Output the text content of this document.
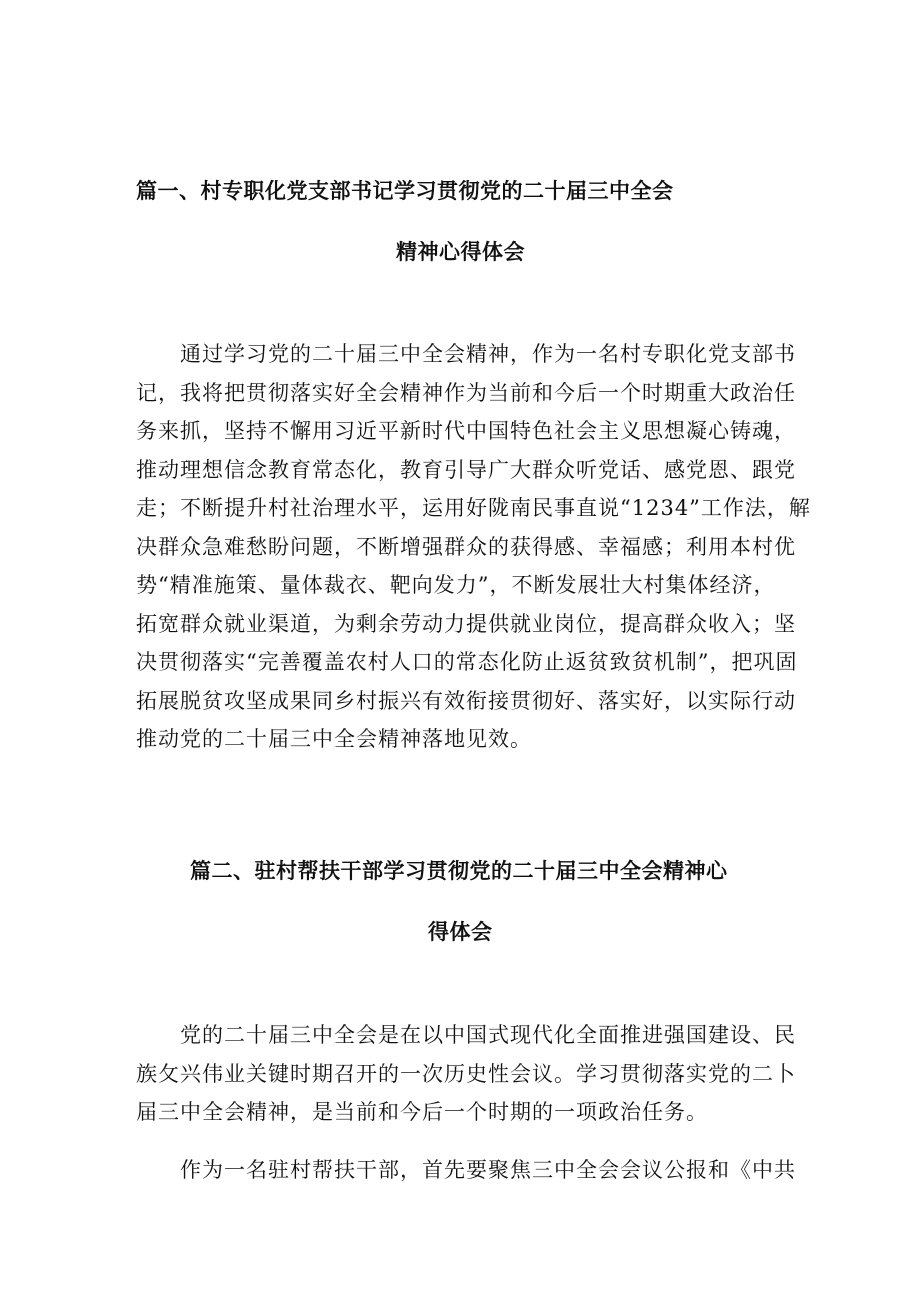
篇一、村专职化党支部书记学习贯彻党的二十届三中全会
精神心得体会
通过学习党的二十届三中全会精神，作为一名村专职化党支部书
记，我将把贯彻落实好全会精神作为当前和今后一个时期重大政治任
务来抓，坚持不懈用习近平新时代中国特色社会主义思想凝心铸魂，
推动理想信念教育常态化，教育引导广大群众听党话、感党恩、跟党
走；不断提升村社治理水平，运用好陇南民事直说“1234”工作法，解
决群众急难愁盼问题，不断增强群众的获得感、幸福感；利用本村优
势“精准施策、量体裁衣、靶向发力”，不断发展壮大村集体经济，
拓宽群众就业渠道，为剩余劳动力提供就业岗位，提高群众收入；坚
决贯彻落实“完善覆盖农村人口的常态化防止返贫致贫机制”，把巩固
拓展脱贫攻坚成果同乡村振兴有效衔接贯彻好、落实好，以实际行动
推动党的二十届三中全会精神落地见效。
篇二、驻村帮扶干部学习贯彻党的二十届三中全会精神心
得体会
党的二十届三中全会是在以中国式现代化全面推进强国建设、民
族攵兴伟业关键时期召开的一次历史性会议。学习贯彻落实党的二卜
届三中全会精神，是当前和今后一个时期的一项政治任务。
作为一名驻村帮扶干部，首先要聚焦三中全会会议公报和《中共
